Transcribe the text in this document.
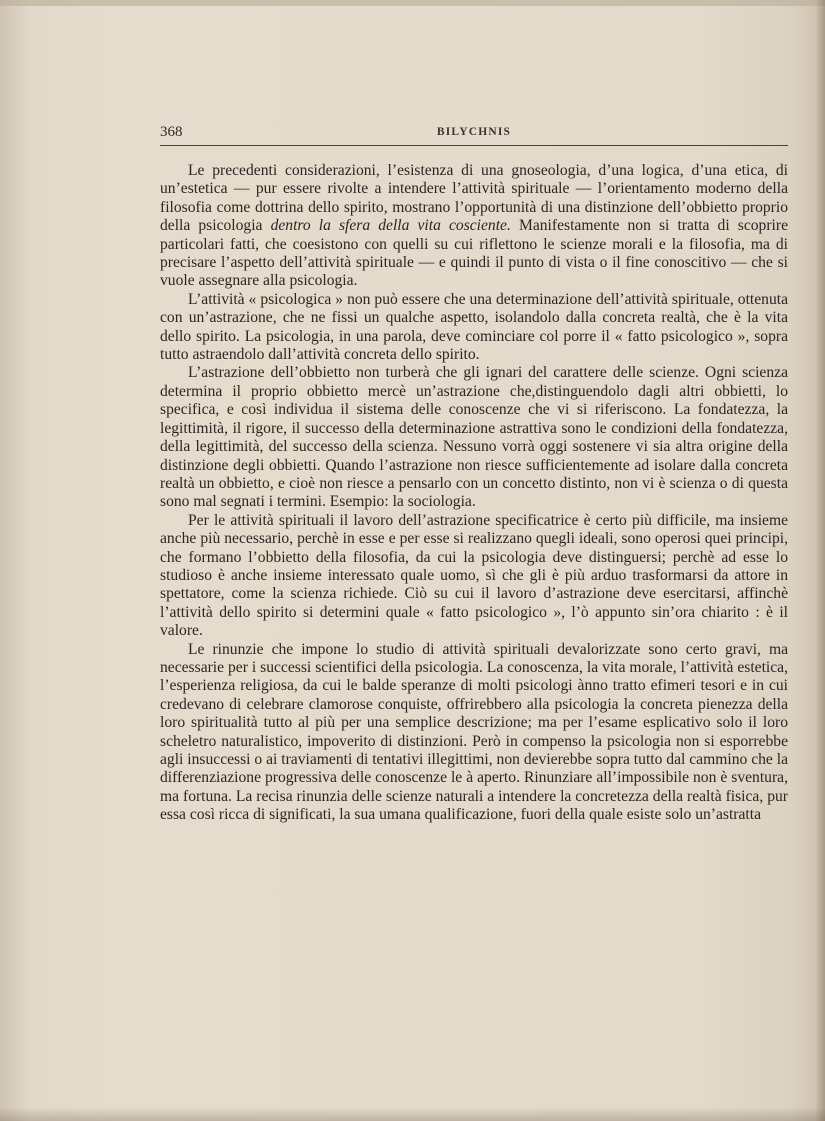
368	BILYCHNIS

Le precedenti considerazioni, l’esistenza di una gnoseologia, d’una logica, d’una etica, di un’estetica — pur essere rivolte a intendere l’attività spirituale — l’orientamento moderno della filosofia come dottrina dello spirito, mostrano l’opportunità di una distinzione dell’obbietto proprio della psicologia dentro la sfera della vita cosciente. Manifestamente non si tratta di scoprire particolari fatti, che coesistono con quelli su cui riflettono le scienze morali e la filosofia, ma di precisare l’aspetto dell’attività spirituale — e quindi il punto di vista o il fine conoscitivo — che si vuole assegnare alla psicologia.

L’attività « psicologica » non può essere che una determinazione dell’attività spirituale, ottenuta con un’astrazione, che ne fissi un qualche aspetto, isolandolo dalla concreta realtà, che è la vita dello spirito. La psicologia, in una parola, deve cominciare col porre il « fatto psicologico », sopra tutto astraendolo dall’attività concreta dello spirito.

L’astrazione dell’obbietto non turberà che gli ignari del carattere delle scienze. Ogni scienza determina il proprio obbietto mercè un’astrazione che,distinguendolo dagli altri obbietti, lo specifica, e così individua il sistema delle conoscenze che vi si riferiscono. La fondatezza, la legittimità, il rigore, il successo della determinazione astrattiva sono le condizioni della fondatezza, della legittimità, del successo della scienza. Nessuno vorrà oggi sostenere vi sia altra origine della distinzione degli obbietti. Quando l’astrazione non riesce sufficientemente ad isolare dalla concreta realtà un obbietto, e cioè non riesce a pensarlo con un concetto distinto, non vi è scienza o di questa sono mal segnati i termini. Esempio: la sociologia.

Per le attività spirituali il lavoro dell’astrazione specificatrice è certo più difficile, ma insieme anche più necessario, perchè in esse e per esse si realizzano quegli ideali, sono operosi quei principi, che formano l’obbietto della filosofia, da cui la psicologia deve distinguersi; perchè ad esse lo studioso è anche insieme interessato quale uomo, sì che gli è più arduo trasformarsi da attore in spettatore, come la scienza richiede. Ciò su cui il lavoro d’astrazione deve esercitarsi, affinchè l’attività dello spirito si determini quale « fatto psicologico », l’ò appunto sin’ora chiarito : è il valore.

Le rinunzie che impone lo studio di attività spirituali devalorizzate sono certo gravi, ma necessarie per i successi scientifici della psicologia. La conoscenza, la vita morale, l’attività estetica, l’esperienza religiosa, da cui le balde speranze di molti psicologi ànno tratto efimeri tesori e in cui credevano di celebrare clamorose conquiste, offrirebbero alla psicologia la concreta pienezza della loro spiritualità tutto al più per una semplice descrizione; ma per l’esame esplicativo solo il loro scheletro naturalistico, impoverito di distinzioni. Però in compenso la psicologia non si esporrebbe agli insuccessi o ai traviamenti di tentativi illegittimi, non devierebbe sopra tutto dal cammino che la differenziazione progressiva delle conoscenze le à aperto. Rinunziare all’impossibile non è sventura, ma fortuna. La recisa rinunzia delle scienze naturali a intendere la concretezza della realtà fisica, pur essa così ricca di significati, la sua umana qualificazione, fuori della quale esiste solo un’astratta
